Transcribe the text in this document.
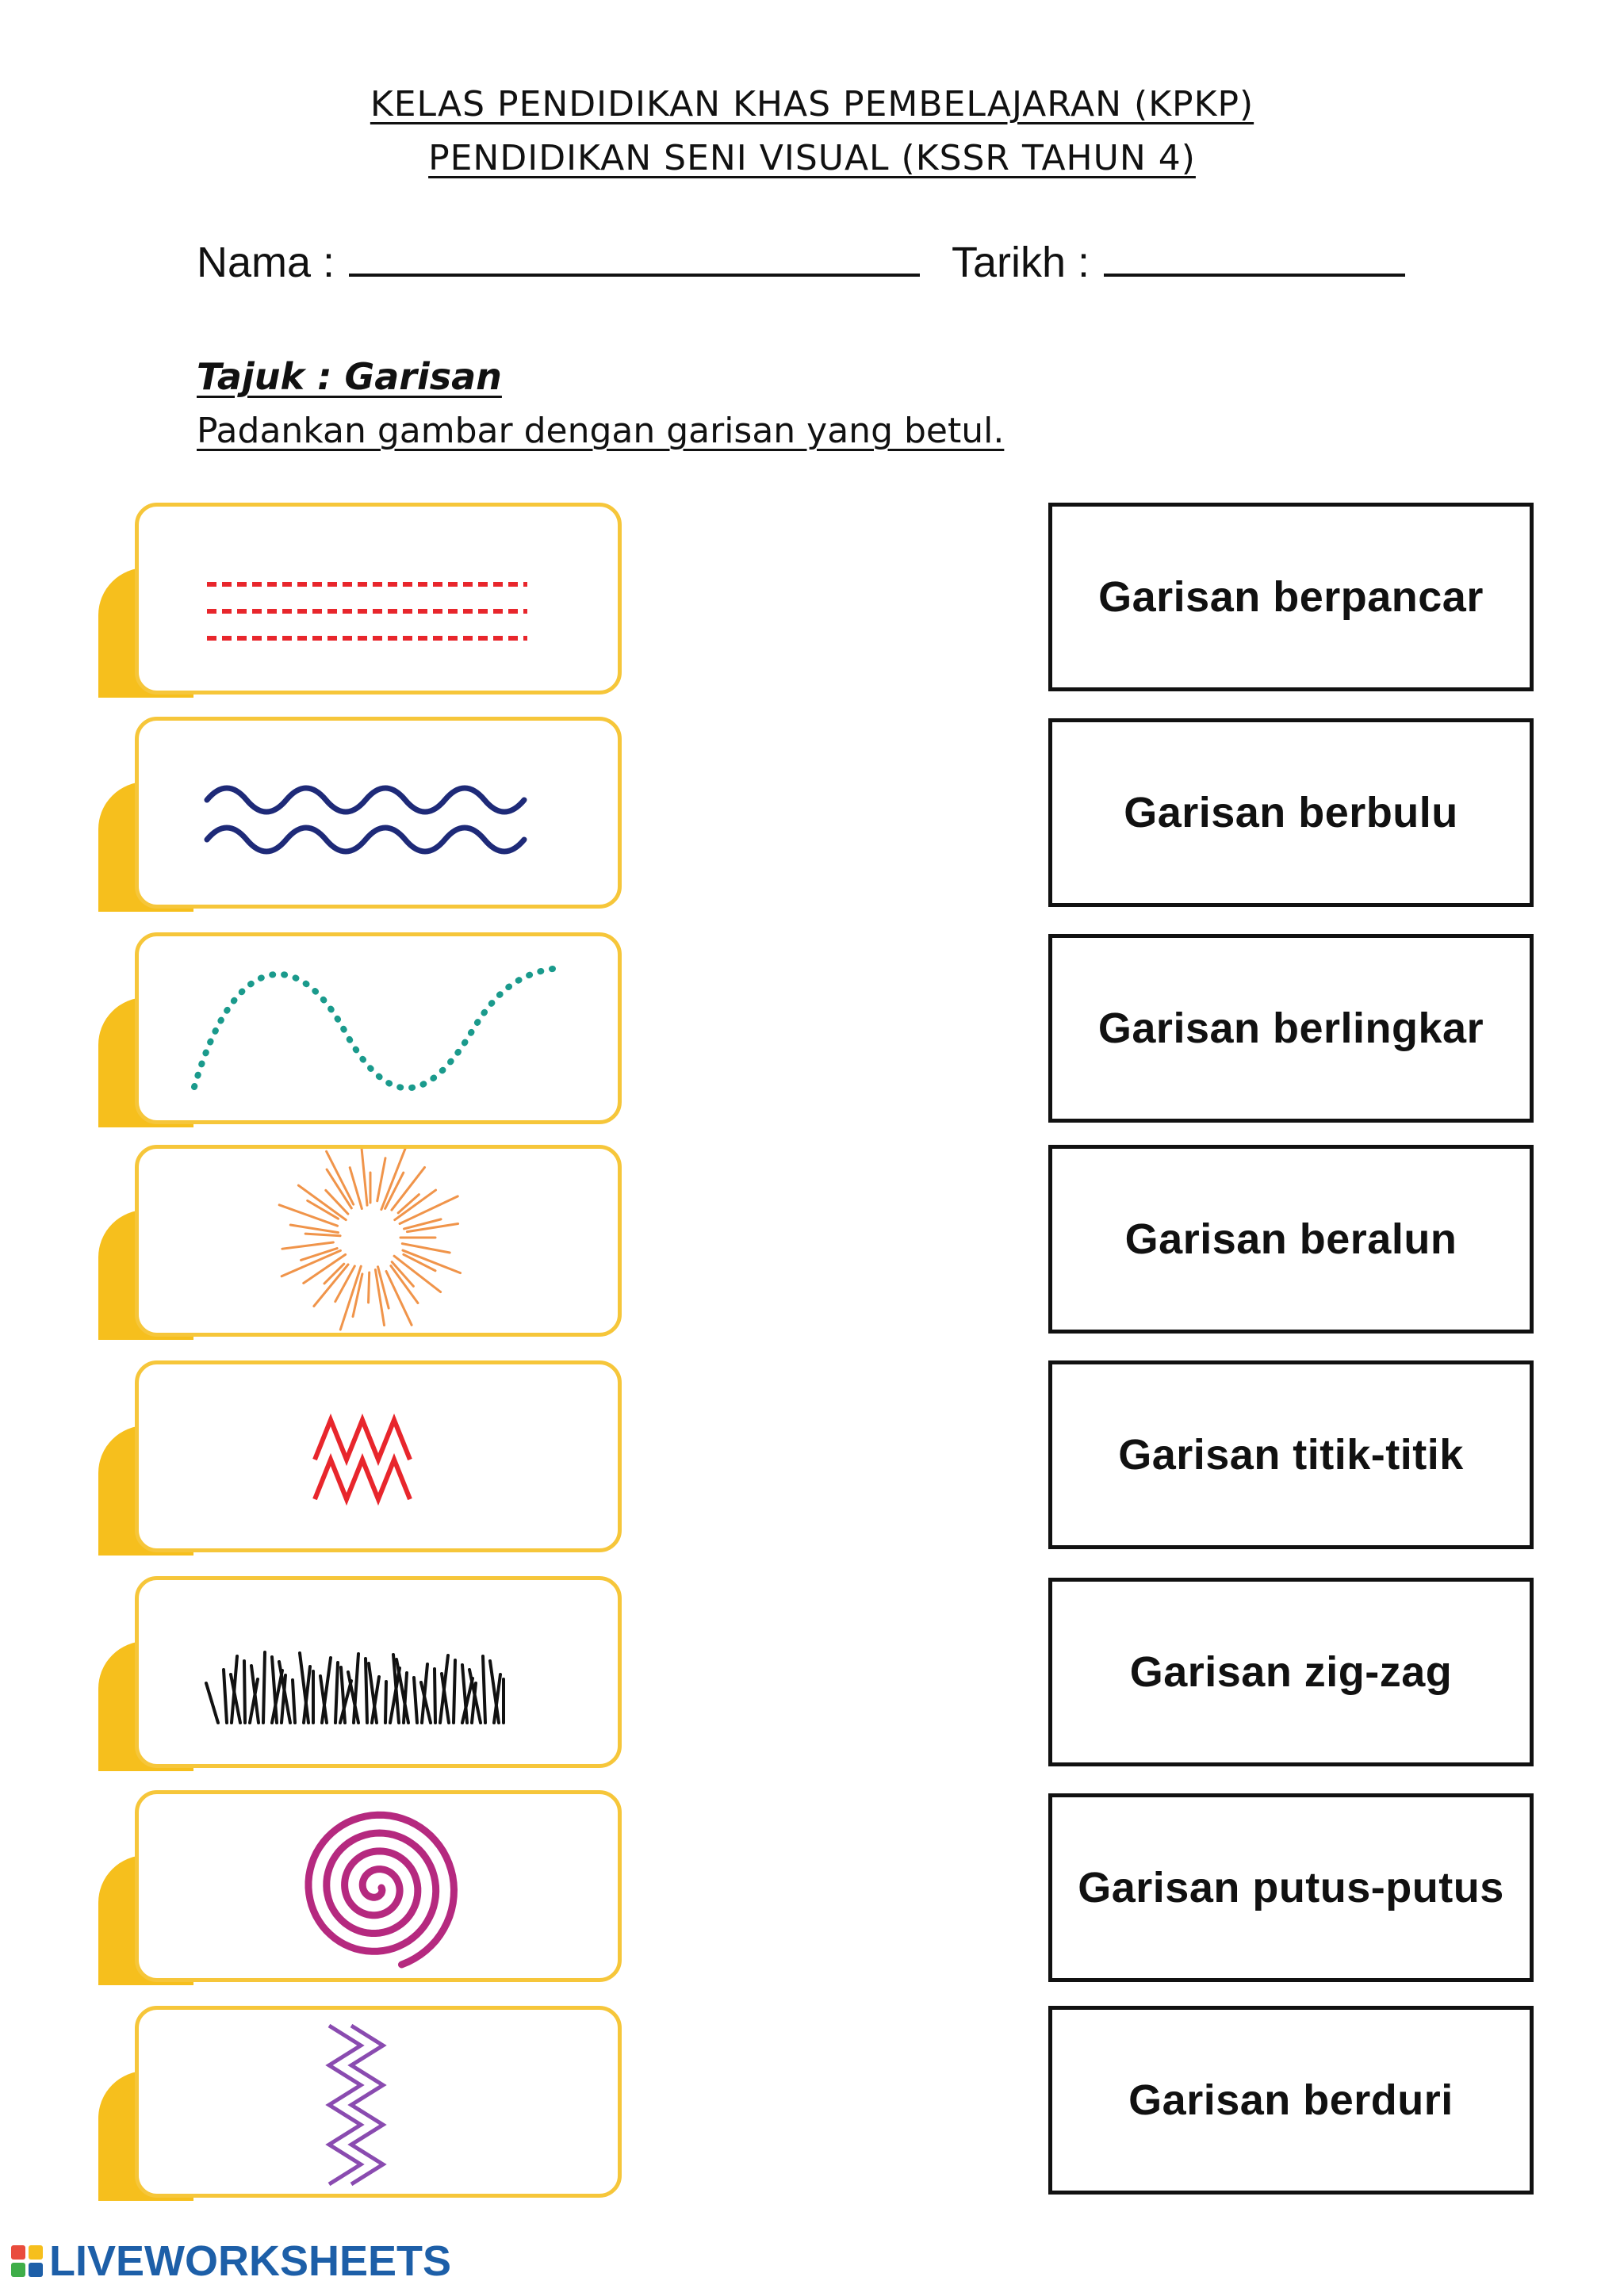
KELAS PENDIDIKAN KHAS PEMBELAJARAN (KPKP)
PENDIDIKAN SENI VISUAL (KSSR TAHUN 4)
Nama :	Tarikh :
Tajuk : Garisan
Padankan gambar dengan garisan yang betul.
Garisan berpancar
Garisan berbulu
Garisan berlingkar
Garisan beralun
Garisan titik-titik
Garisan zig-zag
Garisan putus-putus
Garisan berduri
LIVEWORKSHEETS
